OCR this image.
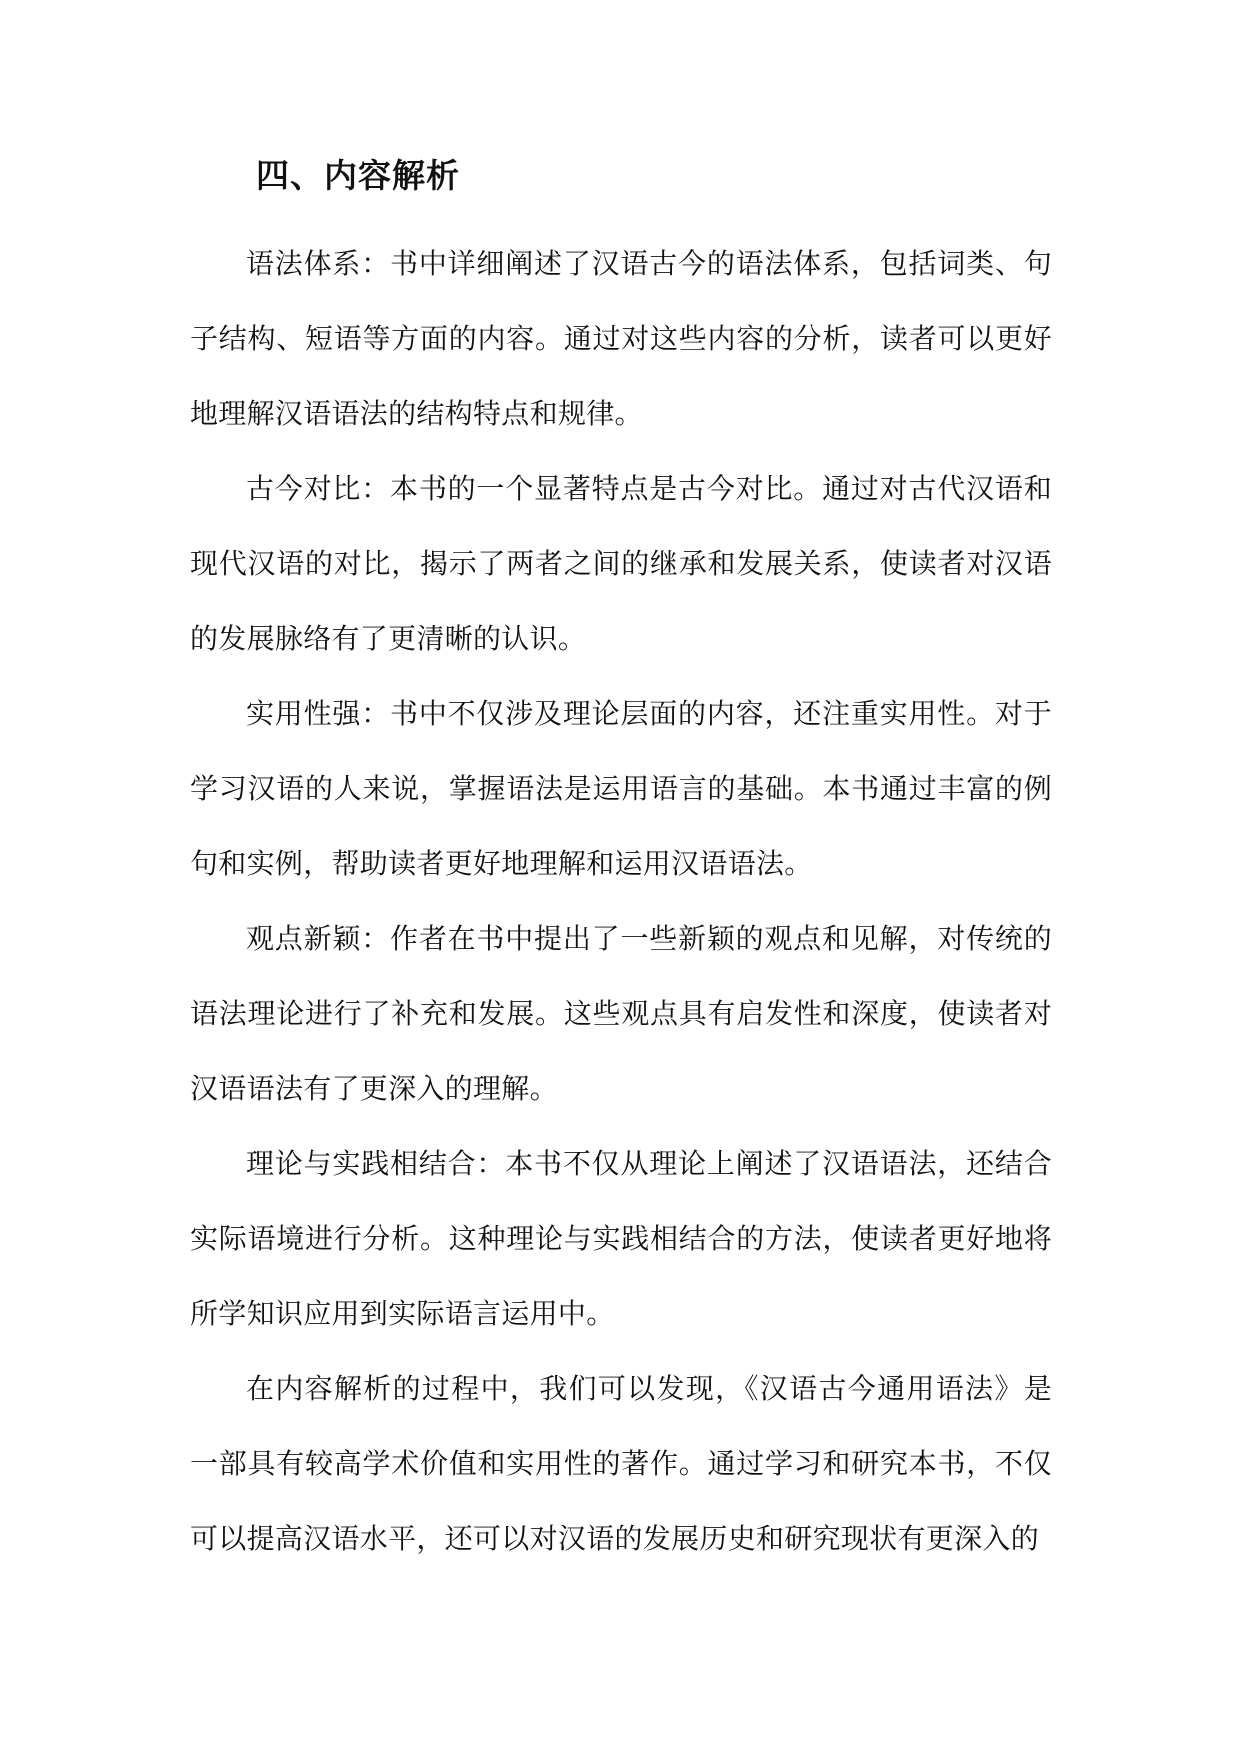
四、内容解析

语法体系：书中详细阐述了汉语古今的语法体系，包括词类、句子结构、短语等方面的内容。通过对这些内容的分析，读者可以更好地理解汉语语法的结构特点和规律。

古今对比：本书的一个显著特点是古今对比。通过对古代汉语和现代汉语的对比，揭示了两者之间的继承和发展关系，使读者对汉语的发展脉络有了更清晰的认识。

实用性强：书中不仅涉及理论层面的内容，还注重实用性。对于学习汉语的人来说，掌握语法是运用语言的基础。本书通过丰富的例句和实例，帮助读者更好地理解和运用汉语语法。

观点新颖：作者在书中提出了一些新颖的观点和见解，对传统的语法理论进行了补充和发展。这些观点具有启发性和深度，使读者对汉语语法有了更深入的理解。

理论与实践相结合：本书不仅从理论上阐述了汉语语法，还结合实际语境进行分析。这种理论与实践相结合的方法，使读者更好地将所学知识应用到实际语言运用中。

在内容解析的过程中，我们可以发现，《汉语古今通用语法》是一部具有较高学术价值和实用性的著作。通过学习和研究本书，不仅可以提高汉语水平，还可以对汉语的发展历史和研究现状有更深入的
